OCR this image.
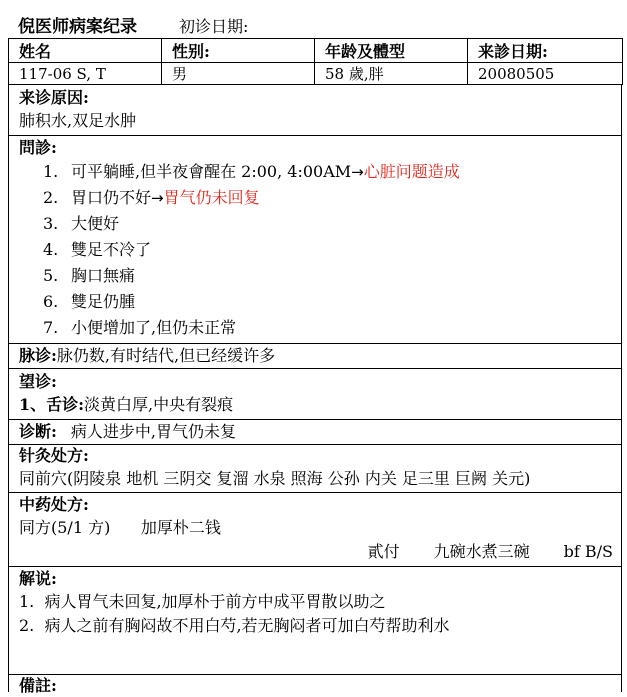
倪医师病案纪录	初诊日期:
姓名	性别:	年龄及體型	来診日期:
117-06 S, T	男	58 歲,胖	20080505
来诊原因:
肺积水,双足水肿
問診:
1. 可平躺睡,但半夜會醒在 2:00, 4:00AM→心脏问题造成
2. 胃口仍不好→胃气仍未回复
3. 大便好
4. 雙足不冷了
5. 胸口無痛
6. 雙足仍腫
7. 小便增加了,但仍未正常
脉诊:脉仍数,有时结代,但已经缓许多
望诊:
1、舌诊:淡黄白厚,中央有裂痕
诊断: 病人进步中,胃气仍未复
针灸处方:
同前穴(阴陵泉 地机 三阴交 复溜 水泉 照海 公孙 内关 足三里 巨阙 关元)
中药处方:
同方(5/1 方)      加厚朴二钱
貳付 九碗水煮三碗 bf B/S
解说:
1.  病人胃气未回复,加厚朴于前方中成平胃散以助之
2.  病人之前有胸闷故不用白芍,若无胸闷者可加白芍帮助利水
備註:
